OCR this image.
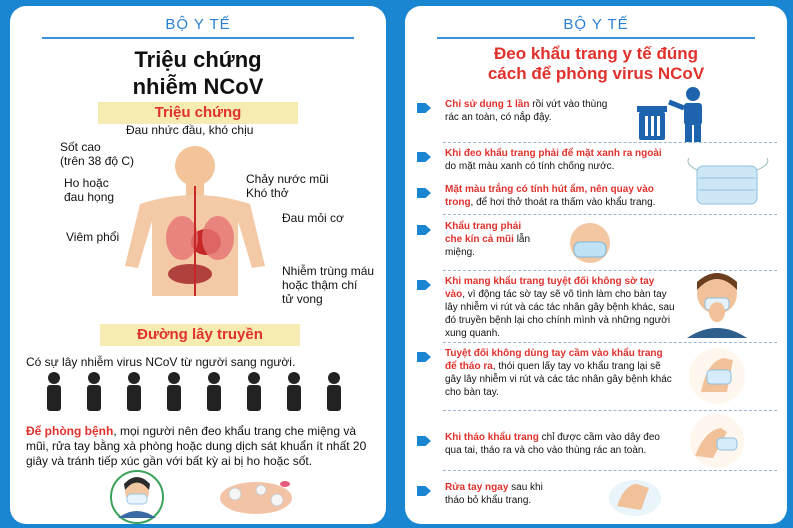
BỘ Y TẾ
Triệu chứng
nhiễm NCoV
Triệu chứng
Đau nhức đầu, khó chịu
Sốt cao
(trên 38 độ C)
Ho hoặc
đau họng
Chảy nước mũi
Khó thở
Đau mỏi cơ
Viêm phổi
Nhiễm trùng máu
hoặc thậm chí
tử vong
Đường lây truyền
Có sự lây nhiễm virus NCoV từ người sang người.
Để phòng bệnh, mọi người nên đeo khẩu trang che miệng và mũi, rửa tay bằng xà phòng hoặc dung dịch sát khuẩn ít nhất 20 giây và tránh tiếp xúc gần với bất kỳ ai bị ho hoặc sốt.
BỘ Y TẾ
Đeo khẩu trang y tế đúng
cách để phòng virus NCoV
Chỉ sử dụng 1 lần rồi vứt vào thùng rác an toàn, có nắp đậy.
Khi đeo khẩu trang phải để mặt xanh ra ngoài do mặt màu xanh có tính chống nước.
Mặt màu trắng có tính hút ẩm, nên quay vào trong, để hơi thở thoát ra thấm vào khẩu trang.
Khẩu trang phải che kín cả mũi lẫn miệng.
Khi mang khẩu trang tuyệt đối không sờ tay vào, vì động tác sờ tay sẽ vô tình làm cho bàn tay lây nhiễm vi rút và các tác nhân gây bệnh khác, sau đó truyền bệnh lại cho chính mình và những người xung quanh.
Tuyệt đối không dùng tay cầm vào khẩu trang để tháo ra, thói quen lấy tay vo khẩu trang lại sẽ gây lây nhiễm vi rút và các tác nhân gây bệnh khác cho bàn tay.
Khi tháo khẩu trang chỉ được cầm vào dây đeo qua tai, tháo ra và cho vào thùng rác an toàn.
Rửa tay ngay sau khi tháo bỏ khẩu trang.
